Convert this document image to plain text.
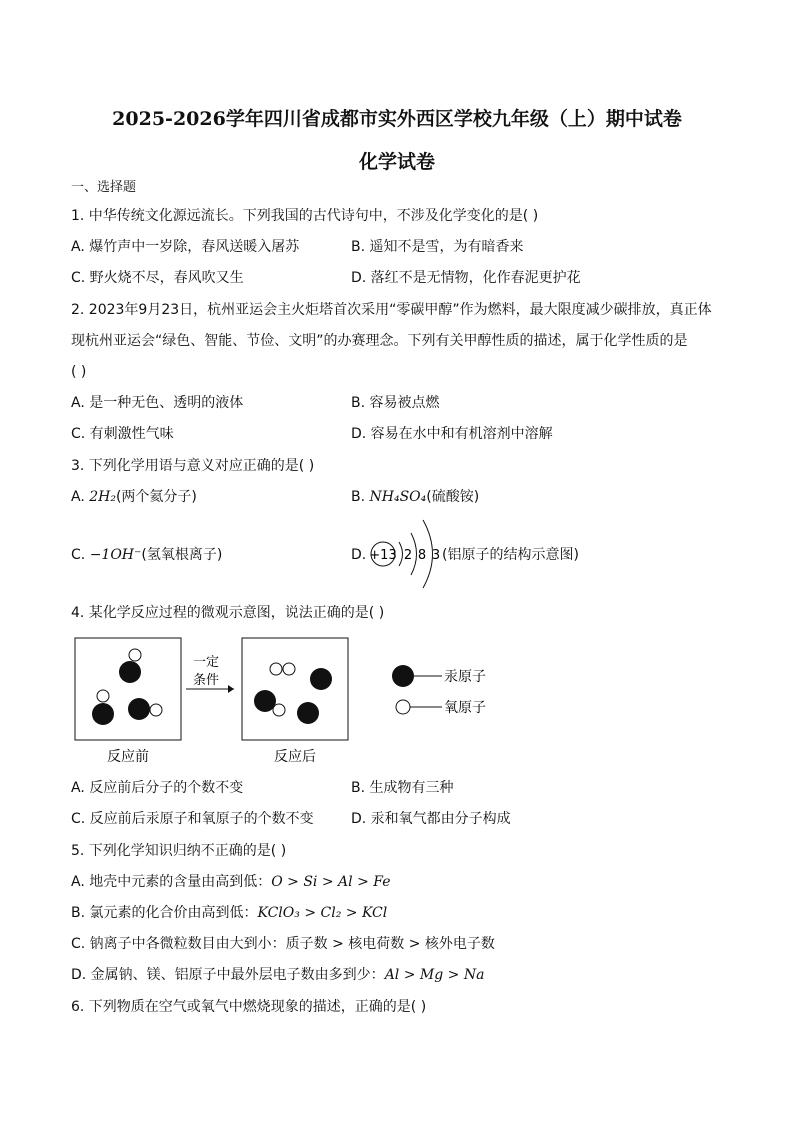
2025-2026学年四川省成都市实外西区学校九年级（上）期中试卷
化学试卷
一、选择题
1. 中华传统文化源远流长。下列我国的古代诗句中，不涉及化学变化的是( )
A. 爆竹声中一岁除，春风送暖入屠苏	B. 遥知不是雪，为有暗香来
C. 野火烧不尽，春风吹又生	D. 落红不是无情物，化作春泥更护花
2. 2023年9月23日，杭州亚运会主火炬塔首次采用“零碳甲醇”作为燃料，最大限度减少碳排放，真正体
现杭州亚运会“绿色、智能、节俭、文明”的办赛理念。下列有关甲醇性质的描述，属于化学性质的是
( )
A. 是一种无色、透明的液体	B. 容易被点燃
C. 有刺激性气味	D. 容易在水中和有机溶剂中溶解
3. 下列化学用语与意义对应正确的是( )
A. 2H₂(两个氦分子)	B. NH₄SO₄(硫酸铵)
C. −1OH⁻(氢氧根离子)	D. +13 2 8 3 (铝原子的结构示意图)
4. 某化学反应过程的微观示意图，说法正确的是( )
一定
条件	汞原子
氧原子
反应前	反应后
A. 反应前后分子的个数不变	B. 生成物有三种
C. 反应前后汞原子和氧原子的个数不变	D. 汞和氧气都由分子构成
5. 下列化学知识归纳不正确的是( )
A. 地壳中元素的含量由高到低：O > Si > Al > Fe
B. 氯元素的化合价由高到低：KClO₃ > Cl₂ > KCl
C. 钠离子中各微粒数目由大到小：质子数 > 核电荷数 > 核外电子数
D. 金属钠、镁、铝原子中最外层电子数由多到少：Al > Mg > Na
6. 下列物质在空气或氧气中燃烧现象的描述，正确的是( )
